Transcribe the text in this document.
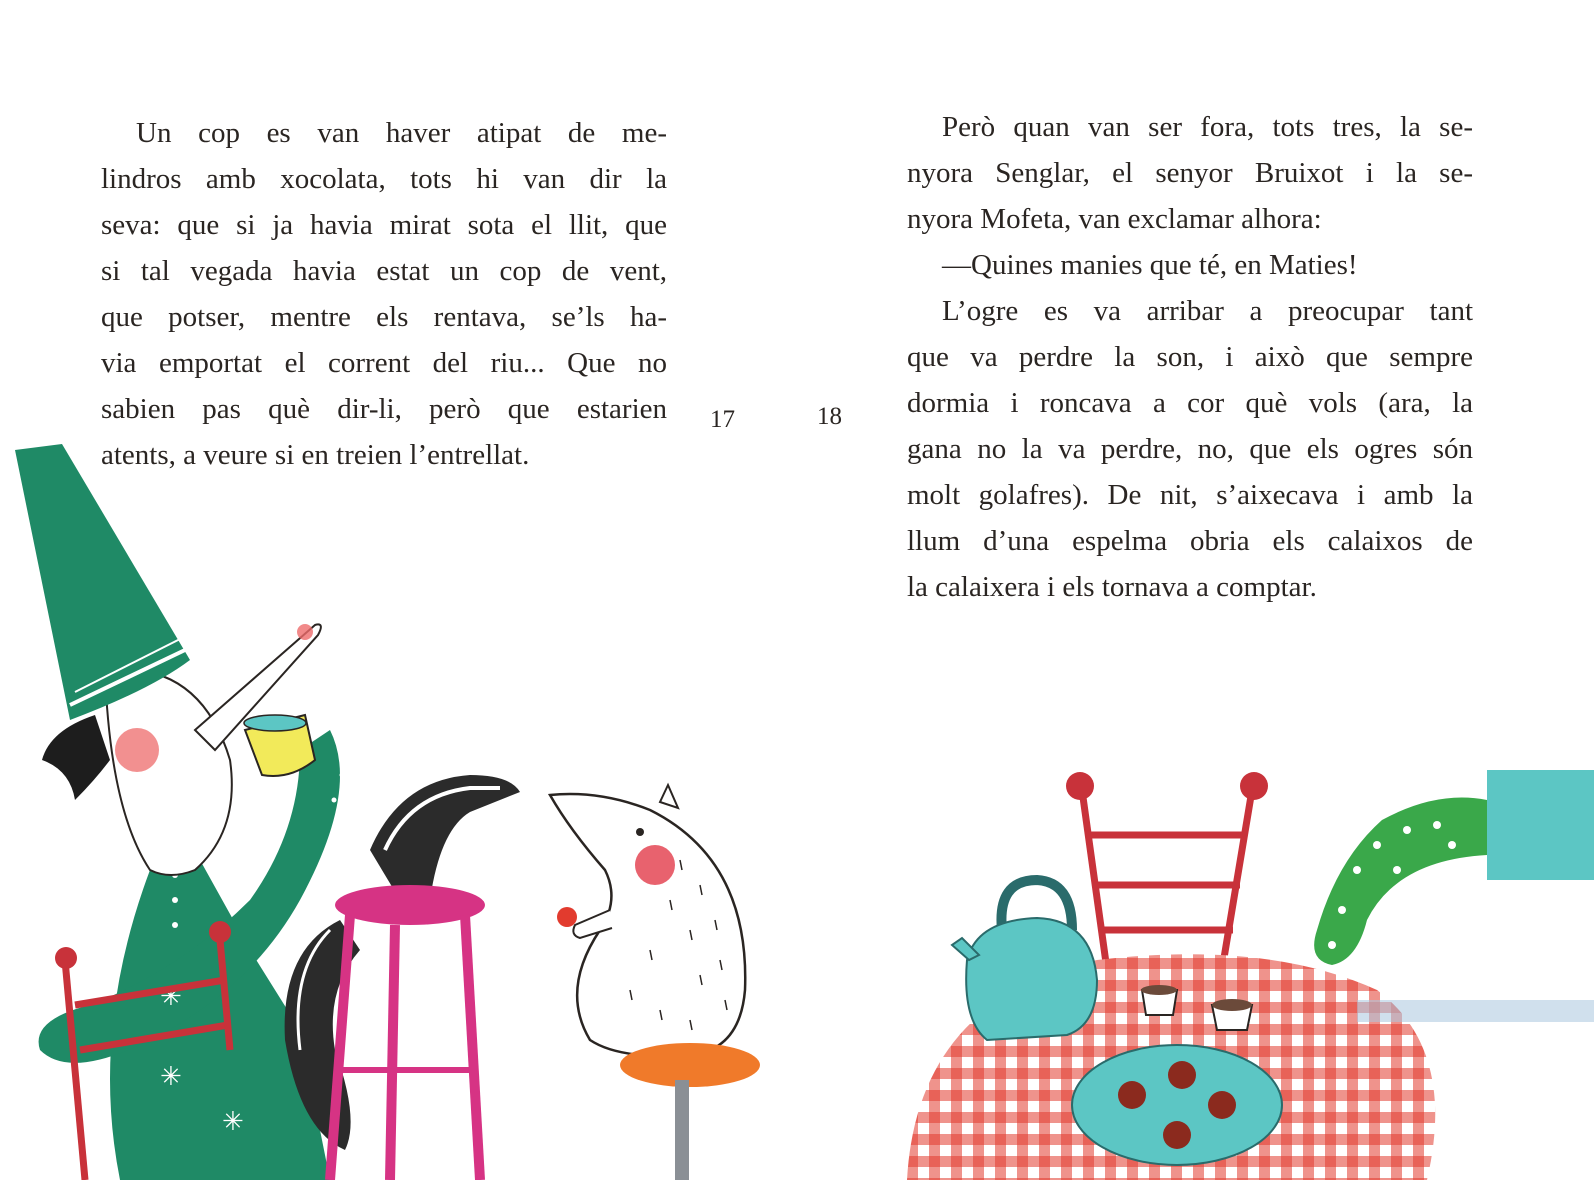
Un cop es van haver atipat de me-
lindros amb xocolata, tots hi van dir la
seva: que si ja havia mirat sota el llit, que
si tal vegada havia estat un cop de vent,
que potser, mentre els rentava, se’ls ha-
via emportat el corrent del riu... Que no
sabien pas què dir-li, però que estarien
atents, a veure si en treien l’entrellat.
17
✳
✳
✳
18
Però quan van ser fora, tots tres, la se-
nyora Senglar, el senyor Bruixot i la se-
nyora Mofeta, van exclamar alhora:
—Quines manies que té, en Maties!
L’ogre es va arribar a preocupar tant
que va perdre la son, i això que sempre
dormia i roncava a cor què vols (ara, la
gana no la va perdre, no, que els ogres són
molt golafres). De nit, s’aixecava i amb la
llum d’una espelma obria els calaixos de
la calaixera i els tornava a comptar.
